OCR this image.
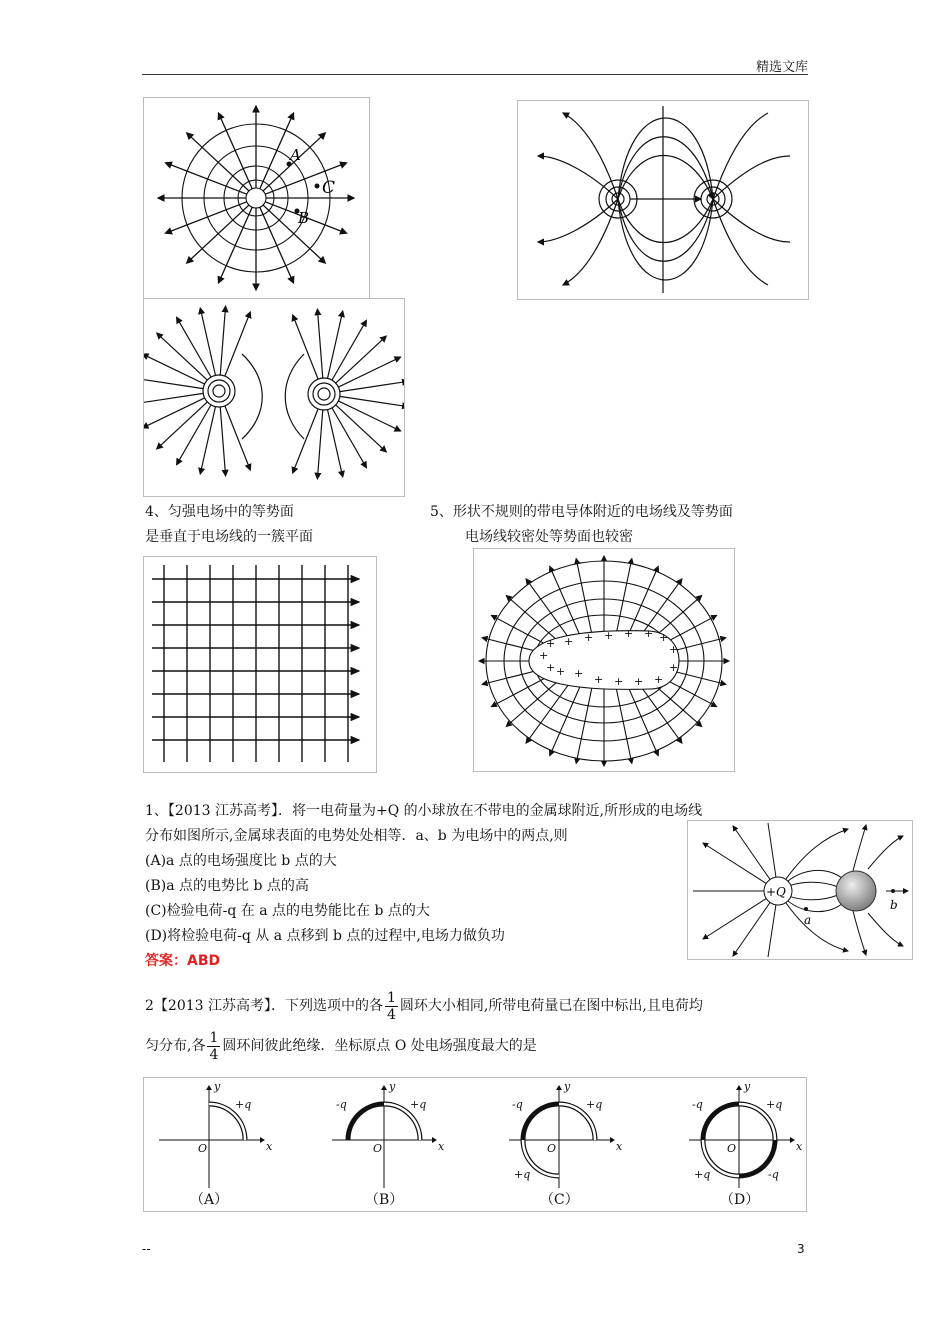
精选文库
A
C
B
4、匀强电场中的等势面
是垂直于电场线的一簇平面
5、形状不规则的带电导体附近的电场线及等势面
电场线较密处等势面也较密
+
+
+
+ + + + + +
+
+
+
+
+
+
+
+
1、【2013 江苏高考】．将一电荷量为+Q 的小球放在不带电的金属球附近,所形成的电场线
分布如图所示,金属球表面的电势处处相等．a、b 为电场中的两点,则
(A)a 点的电场强度比 b 点的大
(B)a 点的电势比 b 点的高
(C)检验电荷-q 在 a 点的电势能比在 b 点的大
(D)将检验电荷-q 从 a 点移到 b 点的过程中,电场力做负功
答案：ABD
+Q
a
b
2【2013 江苏高考】．下列选项中的各 $\frac{1}{4}$ 圆环大小相同,所带电荷量已在图中标出,且电荷均
匀分布,各 $\frac{1}{4}$ 圆环间彼此绝缘．坐标原点 O 处电场强度最大的是
x
y
O
+q
x
y
O
+q
-q
x
y
O
+q
-q
+q
x
y
O
+q
-q
+q	-q
（A）	（B）	（C）	（D）
--	3
